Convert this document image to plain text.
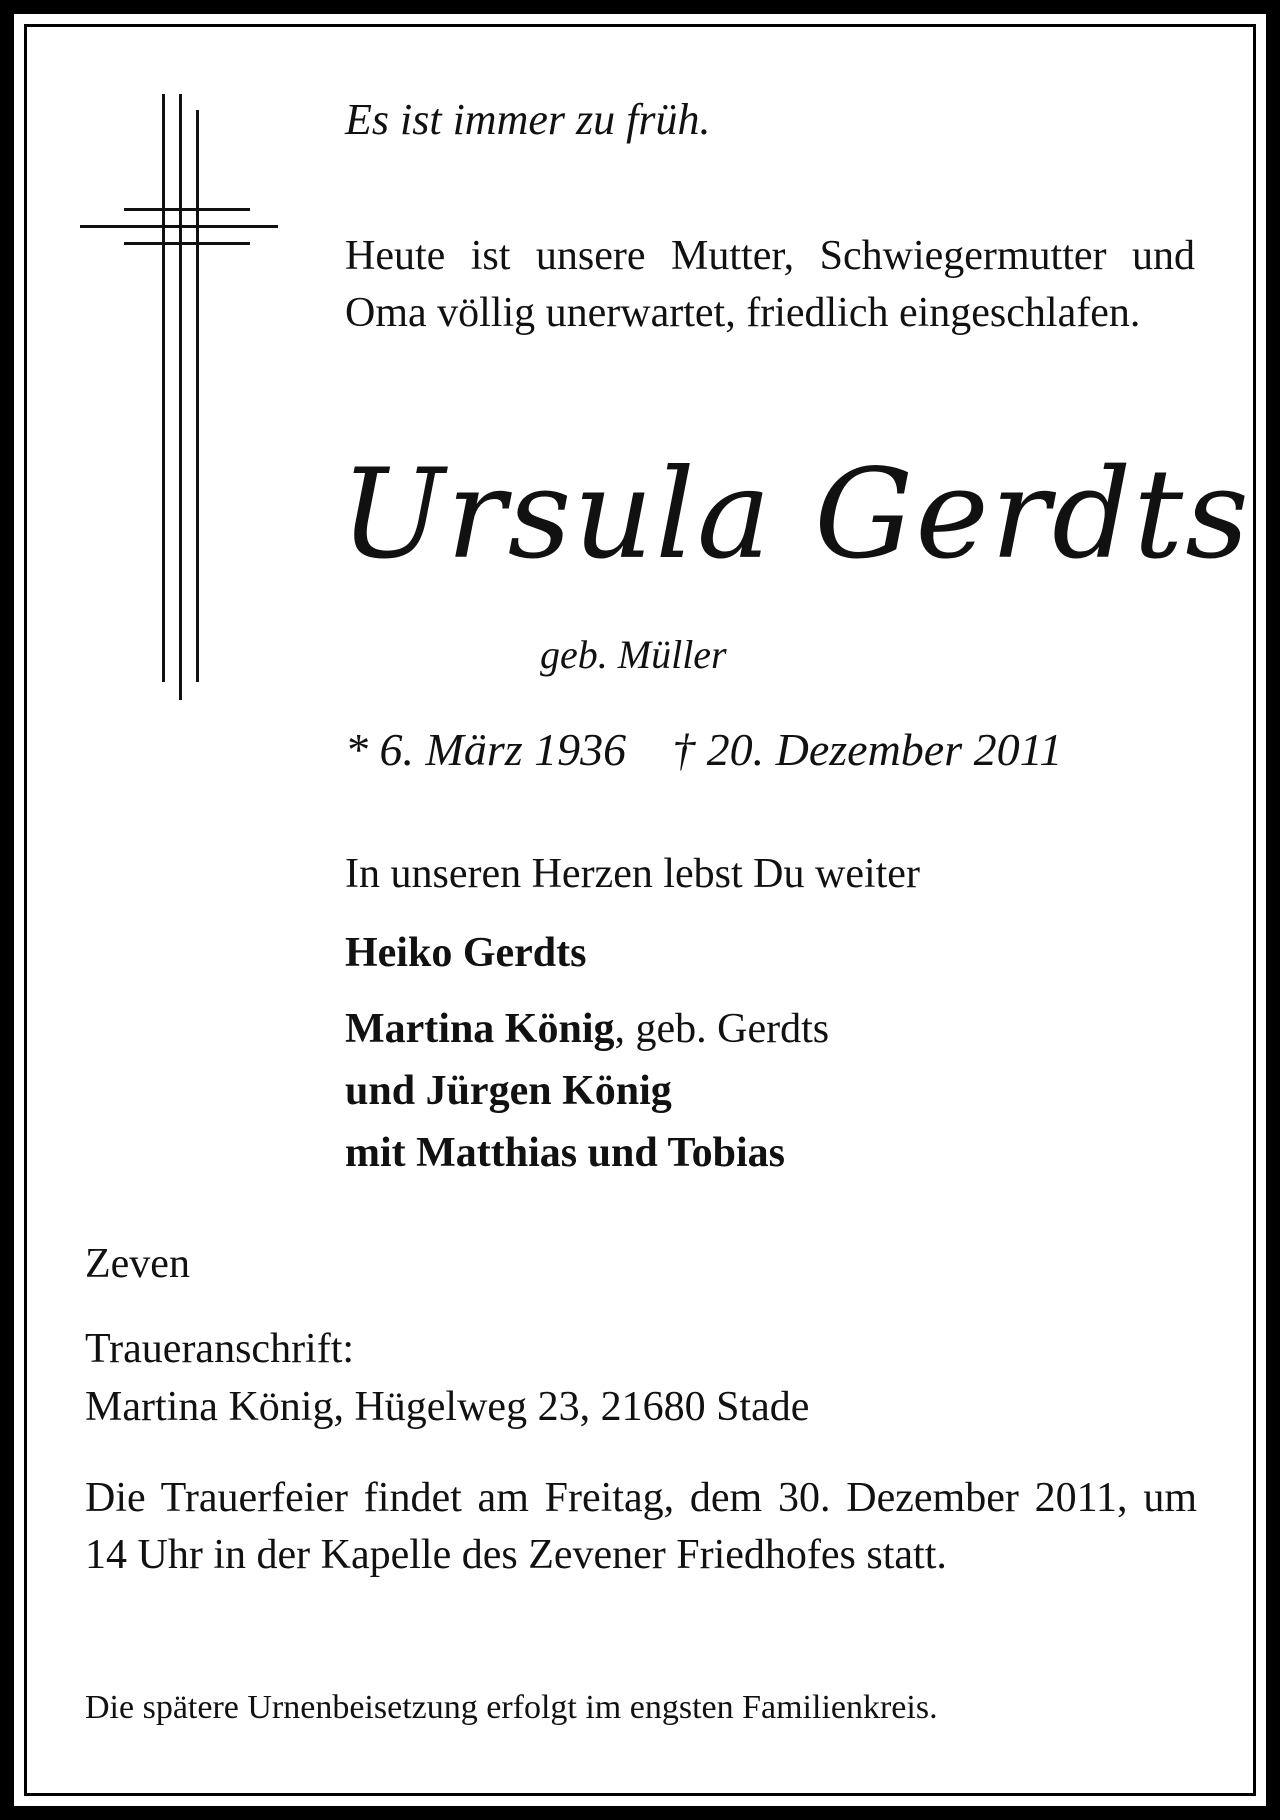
Es ist immer zu früh.

Heute ist unsere Mutter, Schwiegermutter und Oma völlig unerwartet, friedlich eingeschlafen.

Ursula Gerdts
geb. Müller
* 6. März 1936 † 20. Dezember 2011
In unseren Herzen lebst Du weiter
Heiko Gerdts
Martina König, geb. Gerdts
und Jürgen König
mit Matthias und Tobias
Zeven
Traueranschrift:
Martina König, Hügelweg 23, 21680 Stade

Die Trauerfeier findet am Freitag, dem 30. Dezember 2011, um 14 Uhr in der Kapelle des Zevener Friedhofes statt.

Die spätere Urnenbeisetzung erfolgt im engsten Familienkreis.
